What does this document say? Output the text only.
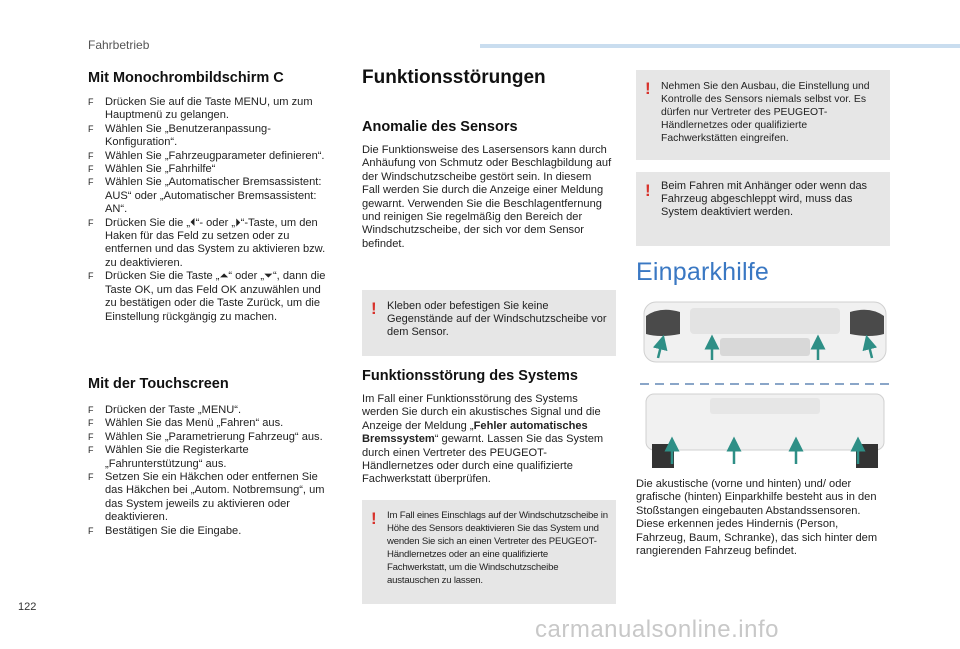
Fahrbetrieb
Mit Monochrombildschirm C
F	Drücken Sie auf die Taste MENU, um zum Hauptmenü zu gelangen.
F	Wählen Sie „Benutzeranpassung-Konfiguration“.
F	Wählen Sie „Fahrzeugparameter definieren“.
F	Wählen Sie „Fahrhilfe“
F	Wählen Sie „Automatischer Bremsassistent: AUS“ oder „Automatischer Bremsassistent: AN“.
F	Drücken Sie die „⏴“- oder „⏵“-Taste, um den Haken für das Feld zu setzen oder zu entfernen und das System zu aktivieren bzw. zu deaktivieren.
F	Drücken Sie die Taste „⏶“ oder „⏷“, dann die Taste OK, um das Feld OK anzuwählen und zu bestätigen oder die Taste Zurück, um die Einstellung rückgängig zu machen.
Mit der Touchscreen
F	Drücken der Taste „MENU“.
F	Wählen Sie das Menü „Fahren“ aus.
F	Wählen Sie „Parametrierung Fahrzeug“ aus.
F	Wählen Sie die Registerkarte „Fahrunterstützung“ aus.
F	Setzen Sie ein Häkchen oder entfernen Sie das Häkchen bei „Autom. Notbremsung“, um das System jeweils zu aktivieren oder deaktivieren.
F	Bestätigen Sie die Eingabe.
Funktionsstörungen
Anomalie des Sensors
Die Funktionsweise des Lasersensors kann durch Anhäufung von Schmutz oder Beschlagbildung auf der Windschutzscheibe gestört sein. In diesem Fall werden Sie durch die Anzeige einer Meldung gewarnt. Verwenden Sie die Beschlagentfernung und reinigen Sie regelmäßig den Bereich der Windschutzscheibe, der sich vor dem Sensor befindet.
! Kleben oder befestigen Sie keine Gegenstände auf der Windschutzscheibe vor dem Sensor.
Funktionsstörung des Systems
Im Fall einer Funktionsstörung des Systems werden Sie durch ein akustisches Signal und die Anzeige der Meldung „Fehler automatisches Bremssystem“ gewarnt. Lassen Sie das System durch einen Vertreter des PEUGEOT-Händlernetzes oder durch eine qualifizierte Fachwerkstatt überprüfen.
! Im Fall eines Einschlags auf der Windschutzscheibe in Höhe des Sensors deaktivieren Sie das System und wenden Sie sich an einen Vertreter des PEUGEOT-Händlernetzes oder an eine qualifizierte Fachwerkstatt, um die Windschutzscheibe austauschen zu lassen.
! Nehmen Sie den Ausbau, die Einstellung und Kontrolle des Sensors niemals selbst vor. Es dürfen nur Vertreter des PEUGEOT-Händlernetzes oder qualifizierte Fachwerkstätten eingreifen.
! Beim Fahren mit Anhänger oder wenn das Fahrzeug abgeschleppt wird, muss das System deaktiviert werden.
Einparkhilfe
Die akustische (vorne und hinten) und/ oder grafische (hinten) Einparkhilfe besteht aus in den Stoßstangen eingebauten Abstandssensoren.
Diese erkennen jedes Hindernis (Person, Fahrzeug, Baum, Schranke), das sich hinter dem rangierenden Fahrzeug befindet.
122
carmanualsonline.info
